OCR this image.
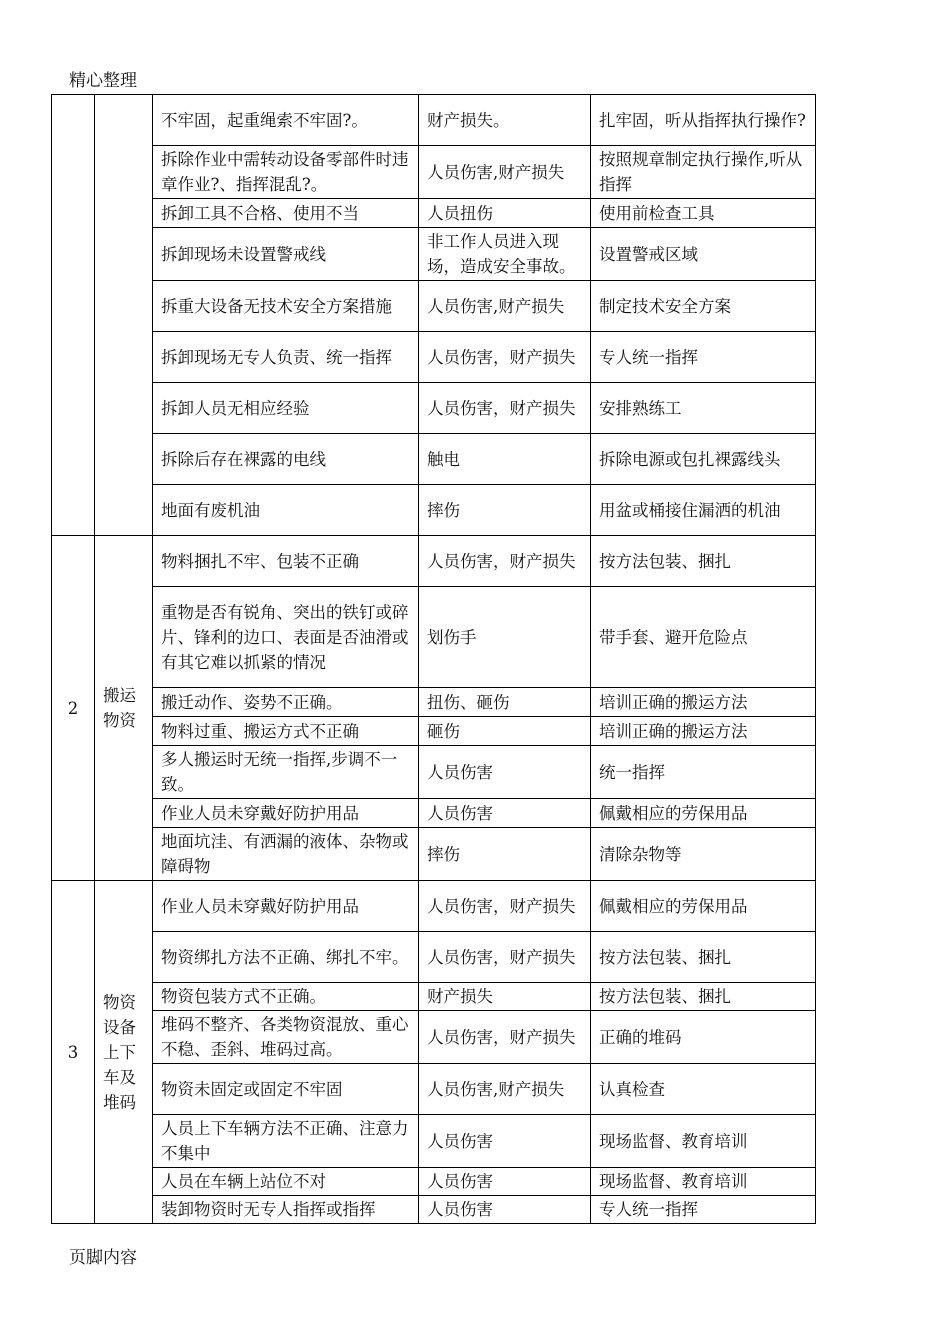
精心整理
		不牢固，起重绳索不牢固?。	财产损失。	扎牢固，听从指挥执行操作?
		拆除作业中需转动设备零部件时违章作业?、指挥混乱?。	人员伤害,财产损失	按照规章制定执行操作,听从指挥
		拆卸工具不合格、使用不当	人员扭伤	使用前检查工具
		拆卸现场未设置警戒线	非工作人员进入现场，造成安全事故。	设置警戒区域
		拆重大设备无技术安全方案措施	人员伤害,财产损失	制定技术安全方案
		拆卸现场无专人负责、统一指挥	人员伤害，财产损失	专人统一指挥
		拆卸人员无相应经验	人员伤害，财产损失	安排熟练工
		拆除后存在裸露的电线	触电	拆除电源或包扎裸露线头
		地面有废机油	摔伤	用盆或桶接住漏洒的机油
2	搬运物资	物料捆扎不牢、包装不正确	人员伤害，财产损失	按方法包装、捆扎
		重物是否有锐角、突出的铁钉或碎片、锋利的边口、表面是否油滑或有其它难以抓紧的情况	划伤手	带手套、避开危险点
		搬迁动作、姿势不正确。	扭伤、砸伤	培训正确的搬运方法
		物料过重、搬运方式不正确	砸伤	培训正确的搬运方法
		多人搬运时无统一指挥,步调不一致。	人员伤害	统一指挥
		作业人员未穿戴好防护用品	人员伤害	佩戴相应的劳保用品
		地面坑洼、有洒漏的液体、杂物或障碍物	摔伤	清除杂物等
3	物资设备上下车及堆码	作业人员未穿戴好防护用品	人员伤害，财产损失	佩戴相应的劳保用品
		物资绑扎方法不正确、绑扎不牢。	人员伤害，财产损失	按方法包装、捆扎
		物资包装方式不正确。	财产损失	按方法包装、捆扎
		堆码不整齐、各类物资混放、重心不稳、歪斜、堆码过高。	人员伤害，财产损失	正确的堆码
		物资未固定或固定不牢固	人员伤害,财产损失	认真检查
		人员上下车辆方法不正确、注意力不集中	人员伤害	现场监督、教育培训
		人员在车辆上站位不对	人员伤害	现场监督、教育培训
		装卸物资时无专人指挥或指挥	人员伤害	专人统一指挥
页脚内容
